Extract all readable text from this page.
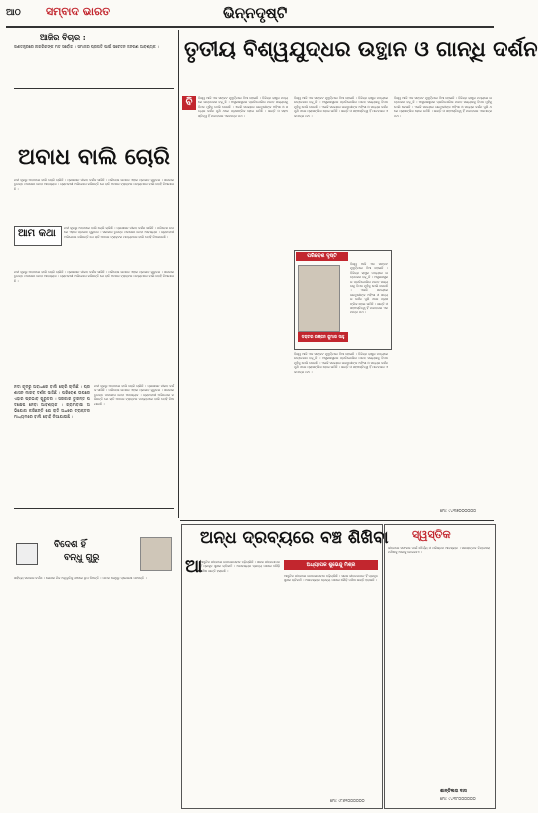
ଆଠ ସମ୍ବାଦ ଭାରତ	ଭିନ୍ନଦୃଷ୍ଟି
ଆଜିର ବିଚାର :
ଗଣତନ୍ତ୍ରରେ ନାଗରିକଙ୍କ ମତ ସର୍ବୋଚ୍ଚ । ସମାଜର ପ୍ରଗତି ପାଇଁ ସଚେତନ ଜନଗଣ ଆବଶ୍ୟକ ।
ଅବାଧ ବାଲି ଚୋରି
ନଦୀ କୂଳରୁ ଅବାଧରେ ବାଲି ଚୋରି ଚାଲିଛି । ପ୍ରଶାସନ ନୀରବ ଦର୍ଶକ ସାଜିଛି । ପରିବେଶ ଉପରେ ଏହାର ପ୍ରଭାବ ଗୁରୁତର । ସରକାର ତୁରନ୍ତ ପଦକ୍ଷେପ ନେବା ଆବଶ୍ୟକ । ଗ୍ରାମବାସୀ ଅଭିଯୋଗ କରିଛନ୍ତି ଯେ ରାତି ଅଧରେ ଟ୍ରାକ୍ଟର ମାଧ୍ୟମରେ ବାଲି ବୋହି ନିଆଯାଉଛି ।
ଆମ କଥା	ନଦୀ କୂଳରୁ ଅବାଧରେ ବାଲି ଚୋରି ଚାଲିଛି । ପ୍ରଶାସନ ନୀରବ ଦର୍ଶକ ସାଜିଛି । ପରିବେଶ ଉପରେ ଏହାର ପ୍ରଭାବ ଗୁରୁତର । ସରକାର ତୁରନ୍ତ ପଦକ୍ଷେପ ନେବା ଆବଶ୍ୟକ । ଗ୍ରାମବାସୀ ଅଭିଯୋଗ କରିଛନ୍ତି ଯେ ରାତି ଅଧରେ ଟ୍ରାକ୍ଟର ମାଧ୍ୟମରେ ବାଲି ବୋହି ନିଆଯାଉଛି ।
ନଦୀ କୂଳରୁ ଅବାଧରେ ବାଲି ଚୋରି ଚାଲିଛି । ପ୍ରଶାସନ ନୀରବ ଦର୍ଶକ ସାଜିଛି । ପରିବେଶ ଉପରେ ଏହାର ପ୍ରଭାବ ଗୁରୁତର । ସରକାର ତୁରନ୍ତ ପଦକ୍ଷେପ ନେବା ଆବଶ୍ୟକ । ଗ୍ରାମବାସୀ ଅଭିଯୋଗ କରିଛନ୍ତି ଯେ ରାତି ଅଧରେ ଟ୍ରାକ୍ଟର ମାଧ୍ୟମରେ ବାଲି ବୋହି ନିଆଯାଉଛି ।
ନଦୀ କୂଳରୁ ଅବାଧରେ ବାଲି ଚୋରି ଚାଲିଛି । ପ୍ରଶାସନ ନୀରବ ଦର୍ଶକ ସାଜିଛି । ପରିବେଶ ଉପରେ ଏହାର ପ୍ରଭାବ ଗୁରୁତର । ସରକାର ତୁରନ୍ତ ପଦକ୍ଷେପ ନେବା ଆବଶ୍ୟକ । ଗ୍ରାମବାସୀ ଅଭିଯୋଗ କରିଛନ୍ତି ଯେ ରାତି ଅଧରେ ଟ୍ରାକ୍ଟର ମାଧ୍ୟମରେ ବାଲି ବୋହି ନିଆଯାଉଛି ।
ନଦୀ କୂଳରୁ ଅବାଧରେ ବାଲି ଚୋରି ଚାଲିଛି । ପ୍ରଶାସନ ନୀରବ ଦର୍ଶକ ସାଜିଛି । ପରିବେଶ ଉପରେ ଏହାର ପ୍ରଭାବ ଗୁରୁତର । ସରକାର ତୁରନ୍ତ ପଦକ୍ଷେପ ନେବା ଆବଶ୍ୟକ । ଗ୍ରାମବାସୀ ଅଭିଯୋଗ କରିଛନ୍ତି ଯେ ରାତି ଅଧରେ ଟ୍ରାକ୍ଟର ମାଧ୍ୟମରେ ବାଲି ବୋହି ନିଆଯାଉଛି ।
ବିଦେଶ ହିଁ
ବନ୍ଧୁ ଗୁରୁ
ସାହିତ୍ୟ ସମାଜର ଦର୍ପଣ । ଲେଖକ ନିଜ ଅନୁଭୂତିକୁ ଶବ୍ଦରେ ରୂପ ଦିଅନ୍ତି । ପାଠକ ସେଥିରୁ ପ୍ରେରଣା ପାଆନ୍ତି ।
ତୃତୀୟ ବିଶ୍ୱଯୁଦ୍ଧର ଉତ୍ଥାନ ଓ ଗାନ୍ଧି ଦର୍ଶନ
ବି	ବିଶ୍ୱ ଆଜି ଏକ ସଙ୍କଟ ମୁହୂର୍ତ୍ତରେ ଠିଆ ହୋଇଛି । ବିଭିନ୍ନ ରାଷ୍ଟ୍ର ମଧ୍ୟରେ ଉତ୍ତେଜନା ବଢ଼ୁଛି । ଅସ୍ତ୍ରଶସ୍ତ୍ରର ପ୍ରତିଯୋଗିତା ମାନବ ସଭ୍ୟତାକୁ ବିପଦ ମୁହଁକୁ ଠେଲି ଦେଉଛି । ଏଭଳି ସମୟରେ ଗାନ୍ଧିଜୀଙ୍କ ଅହିଂସା ଓ ସତ୍ୟର ଦର୍ଶନ ପୁଣି ଥରେ ପ୍ରାସଙ୍ଗିକ ହୋଇ ଉଠିଛି । ଶାନ୍ତି ଓ ସହଅସ୍ତିତ୍ୱ ହିଁ ମାନବତାର ଏକମାତ୍ର ପଥ ।
ବିଶ୍ୱ ଆଜି ଏକ ସଙ୍କଟ ମୁହୂର୍ତ୍ତରେ ଠିଆ ହୋଇଛି । ବିଭିନ୍ନ ରାଷ୍ଟ୍ର ମଧ୍ୟରେ ଉତ୍ତେଜନା ବଢ଼ୁଛି । ଅସ୍ତ୍ରଶସ୍ତ୍ରର ପ୍ରତିଯୋଗିତା ମାନବ ସଭ୍ୟତାକୁ ବିପଦ ମୁହଁକୁ ଠେଲି ଦେଉଛି । ଏଭଳି ସମୟରେ ଗାନ୍ଧିଜୀଙ୍କ ଅହିଂସା ଓ ସତ୍ୟର ଦର୍ଶନ ପୁଣି ଥରେ ପ୍ରାସଙ୍ଗିକ ହୋଇ ଉଠିଛି । ଶାନ୍ତି ଓ ସହଅସ୍ତିତ୍ୱ ହିଁ ମାନବତାର ଏକମାତ୍ର ପଥ ।
ବିଶ୍ୱ ଆଜି ଏକ ସଙ୍କଟ ମୁହୂର୍ତ୍ତରେ ଠିଆ ହୋଇଛି । ବିଭିନ୍ନ ରାଷ୍ଟ୍ର ମଧ୍ୟରେ ଉତ୍ତେଜନା ବଢ଼ୁଛି । ଅସ୍ତ୍ରଶସ୍ତ୍ରର ପ୍ରତିଯୋଗିତା ମାନବ ସଭ୍ୟତାକୁ ବିପଦ ମୁହଁକୁ ଠେଲି ଦେଉଛି । ଏଭଳି ସମୟରେ ଗାନ୍ଧିଜୀଙ୍କ ଅହିଂସା ଓ ସତ୍ୟର ଦର୍ଶନ ପୁଣି ଥରେ ପ୍ରାସଙ୍ଗିକ ହୋଇ ଉଠିଛି । ଶାନ୍ତି ଓ ସହଅସ୍ତିତ୍ୱ ହିଁ ମାନବତାର ଏକମାତ୍ର ପଥ ।
ପରିବେଶ ଦୃଷ୍ଟି
ଡକ୍ଟର ରଞ୍ଜନ କୁମାର ସାହୁ
ବିଶ୍ୱ ଆଜି ଏକ ସଙ୍କଟ ମୁହୂର୍ତ୍ତରେ ଠିଆ ହୋଇଛି । ବିଭିନ୍ନ ରାଷ୍ଟ୍ର ମଧ୍ୟରେ ଉତ୍ତେଜନା ବଢ଼ୁଛି । ଅସ୍ତ୍ରଶସ୍ତ୍ରର ପ୍ରତିଯୋଗିତା ମାନବ ସଭ୍ୟତାକୁ ବିପଦ ମୁହଁକୁ ଠେଲି ଦେଉଛି । ଏଭଳି ସମୟରେ ଗାନ୍ଧିଜୀଙ୍କ ଅହିଂସା ଓ ସତ୍ୟର ଦର୍ଶନ ପୁଣି ଥରେ ପ୍ରାସଙ୍ଗିକ ହୋଇ ଉଠିଛି । ଶାନ୍ତି ଓ ସହଅସ୍ତିତ୍ୱ ହିଁ ମାନବତାର ଏକମାତ୍ର ପଥ ।
ବିଶ୍ୱ ଆଜି ଏକ ସଙ୍କଟ ମୁହୂର୍ତ୍ତରେ ଠିଆ ହୋଇଛି । ବିଭିନ୍ନ ରାଷ୍ଟ୍ର ମଧ୍ୟରେ ଉତ୍ତେଜନା ବଢ଼ୁଛି । ଅସ୍ତ୍ରଶସ୍ତ୍ରର ପ୍ରତିଯୋଗିତା ମାନବ ସଭ୍ୟତାକୁ ବିପଦ ମୁହଁକୁ ଠେଲି ଦେଉଛି । ଏଭଳି ସମୟରେ ଗାନ୍ଧିଜୀଙ୍କ ଅହିଂସା ଓ ସତ୍ୟର ଦର୍ଶନ ପୁଣି ଥରେ ପ୍ରାସଙ୍ଗିକ ହୋଇ ଉଠିଛି । ଶାନ୍ତି ଓ ସହଅସ୍ତିତ୍ୱ ହିଁ ମାନବତାର ଏକମାତ୍ର ପଥ ।
ମୋ: ୯୪୩୭୦୦୦୦୦୦
ଅନ୍ଧ ଦ୍ରବ୍ୟରେ ବଞ୍ଚ ଶିଖିବା
ଆ
ଆଧୁନିକ ଜୀବନରେ ଉପଭୋଗବାଦ ବଢ଼ିଚାଲିଛି । ସରଳ ଜୀବନଯାପନ ହିଁ ପ୍ରକୃତ ସୁଖର ଚାବିକାଠି । ଅନାବଶ୍ୟକ ଦ୍ରବ୍ୟ ପଛରେ ଦୌଡ଼ି ମଣିଷ ଶାନ୍ତି ହରାଉଛି ।
ଅଧ୍ୟାପକ ଶୁଭେନ୍ଦୁ ମିଶ୍ର
ଆଧୁନିକ ଜୀବନରେ ଉପଭୋଗବାଦ ବଢ଼ିଚାଲିଛି । ସରଳ ଜୀବନଯାପନ ହିଁ ପ୍ରକୃତ ସୁଖର ଚାବିକାଠି । ଅନାବଶ୍ୟକ ଦ୍ରବ୍ୟ ପଛରେ ଦୌଡ଼ି ମଣିଷ ଶାନ୍ତି ହରାଉଛି ।
ମୋ: ୯୮୬୧୦୦୦୦୦୦
ସ୍ୱସ୍ତିକ
ଜୀବନରେ ସଫଳତା ପାଇଁ ଧୈର୍ଯ୍ୟ ଓ ପରିଶ୍ରମ ଆବଶ୍ୟକ । ସକାରାତ୍ମକ ଚିନ୍ତାଧାରା ମଣିଷକୁ ଆଗକୁ ନେଇଯାଏ ।
ଶାନ୍ତିଲତା ଦାସ
ମୋ: ୯୪୩୮୦୦୦୦୦୦
